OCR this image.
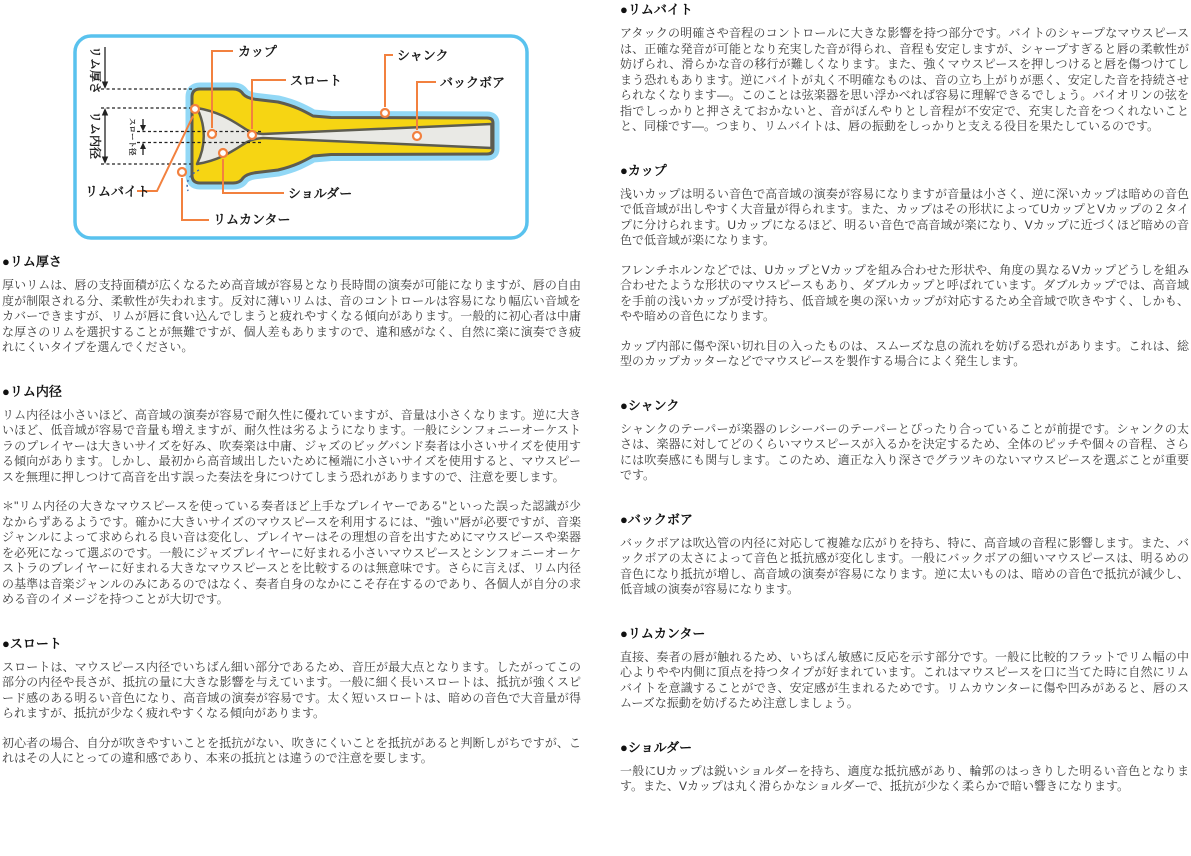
リム厚さ
リム内径	スロート径
カップ
スロート
シャンク
バックボア
リムバイト
リムカンター
ショルダー
●リム厚さ

厚いリムは、唇の支持面積が広くなるため高音域が容易となり長時間の演奏が可能になりますが、唇の自由度が制限される分、柔軟性が失われます。反対に薄いリムは、音のコントロールは容易になり幅広い音域をカバーできますが、リムが唇に食い込んでしまうと疲れやすくなる傾向があります。一般的に初心者は中庸な厚さのリムを選択することが無難ですが、個人差もありますので、違和感がなく、自然に楽に演奏でき疲れにくいタイプを選んでください。

●リム内径

リム内径は小さいほど、高音域の演奏が容易で耐久性に優れていますが、音量は小さくなります。逆に大きいほど、低音域が容易で音量も増えますが、耐久性は劣るようになります。一般にシンフォニーオーケストラのプレイヤーは大きいサイズを好み、吹奏楽は中庸、ジャズのビッグバンド奏者は小さいサイズを使用する傾向があります。しかし、最初から高音域出したいために極端に小さいサイズを使用すると、マウスピースを無理に押しつけて高音を出す誤った奏法を身につけてしまう恐れがありますので、注意を要します。

＊"リム内径の大きなマウスピースを使っている奏者ほど上手なプレイヤーである"といった誤った認識が少なからずあるようです。確かに大きいサイズのマウスピースを利用するには、"強い"唇が必要ですが、音楽ジャンルによって求められる良い音は変化し、プレイヤーはその理想の音を出すためにマウスピースや楽器を必死になって選ぶのです。一般にジャズプレイヤーに好まれる小さいマウスピースとシンフォニーオーケストラのプレイヤーに好まれる大きなマウスピースとを比較するのは無意味です。さらに言えば、リム内径の基準は音楽ジャンルのみにあるのではなく、奏者自身のなかにこそ存在するのであり、各個人が自分の求める音のイメージを持つことが大切です。

●スロート

スロートは、マウスピース内径でいちばん細い部分であるため、音圧が最大点となります。したがってこの部分の内径や長さが、抵抗の量に大きな影響を与えています。一般に細く長いスロートは、抵抗が強くスピード感のある明るい音色になり、高音域の演奏が容易です。太く短いスロートは、暗めの音色で大音量が得られますが、抵抗が少なく疲れやすくなる傾向があります。

初心者の場合、自分が吹きやすいことを抵抗がない、吹きにくいことを抵抗があると判断しがちですが、これはその人にとっての違和感であり、本来の抵抗とは違うので注意を要します。

●リムバイト

アタックの明確さや音程のコントロールに大きな影響を持つ部分です。バイトのシャープなマウスピースは、正確な発音が可能となり充実した音が得られ、音程も安定しますが、シャープすぎると唇の柔軟性が妨げられ、滑らかな音の移行が難しくなります。また、強くマウスピースを押しつけると唇を傷つけてしまう恐れもあります。逆にバイトが丸く不明確なものは、音の立ち上がりが悪く、安定した音を持続させられなくなります―。このことは弦楽器を思い浮かべれば容易に理解できるでしょう。バイオリンの弦を指でしっかりと押さえておかないと、音がぼんやりとし音程が不安定で、充実した音をつくれないことと、同様です―。つまり、リムバイトは、唇の振動をしっかりと支える役目を果たしているのです。

●カップ

浅いカップは明るい音色で高音域の演奏が容易になりますが音量は小さく、逆に深いカップは暗めの音色で低音域が出しやすく大音量が得られます。また、カップはその形状によってUカップとVカップの２タイプに分けられます。Uカップになるほど、明るい音色で高音域が楽になり、Vカップに近づくほど暗めの音色で低音域が楽になります。

フレンチホルンなどでは、UカップとVカップを組み合わせた形状や、角度の異なるVカップどうしを組み合わせたような形状のマウスピースもあり、ダブルカップと呼ばれています。ダブルカップでは、高音域を手前の浅いカップが受け持ち、低音域を奥の深いカップが対応するため全音域で吹きやすく、しかも、やや暗めの音色になります。

カップ内部に傷や深い切れ目の入ったものは、スムーズな息の流れを妨げる恐れがあります。これは、総型のカップカッターなどでマウスピースを製作する場合によく発生します。

●シャンク

シャンクのテーパーが楽器のレシーバーのテーパーとぴったり合っていることが前提です。シャンクの太さは、楽器に対してどのくらいマウスピースが入るかを決定するため、全体のピッチや個々の音程、さらには吹奏感にも関与します。このため、適正な入り深さでグラツキのないマウスピースを選ぶことが重要です。

●バックボア

バックボアは吹込管の内径に対応して複雑な広がりを持ち、特に、高音域の音程に影響します。また、バックボアの太さによって音色と抵抗感が変化します。一般にバックボアの細いマウスピースは、明るめの音色になり抵抗が増し、高音域の演奏が容易になります。逆に太いものは、暗めの音色で抵抗が減少し、低音域の演奏が容易になります。

●リムカンター

直接、奏者の唇が触れるため、いちばん敏感に反応を示す部分です。一般に比較的フラットでリム幅の中心よりやや内側に頂点を持つタイプが好まれています。これはマウスピースを口に当てた時に自然にリムバイトを意識することができ、安定感が生まれるためです。リムカウンターに傷や凹みがあると、唇のスムーズな振動を妨げるため注意しましょう。

●ショルダー

一般にUカップは鋭いショルダーを持ち、適度な抵抗感があり、輪郭のはっきりした明るい音色となります。また、Vカップは丸く滑らかなショルダーで、抵抗が少なく柔らかで暗い響きになります。
